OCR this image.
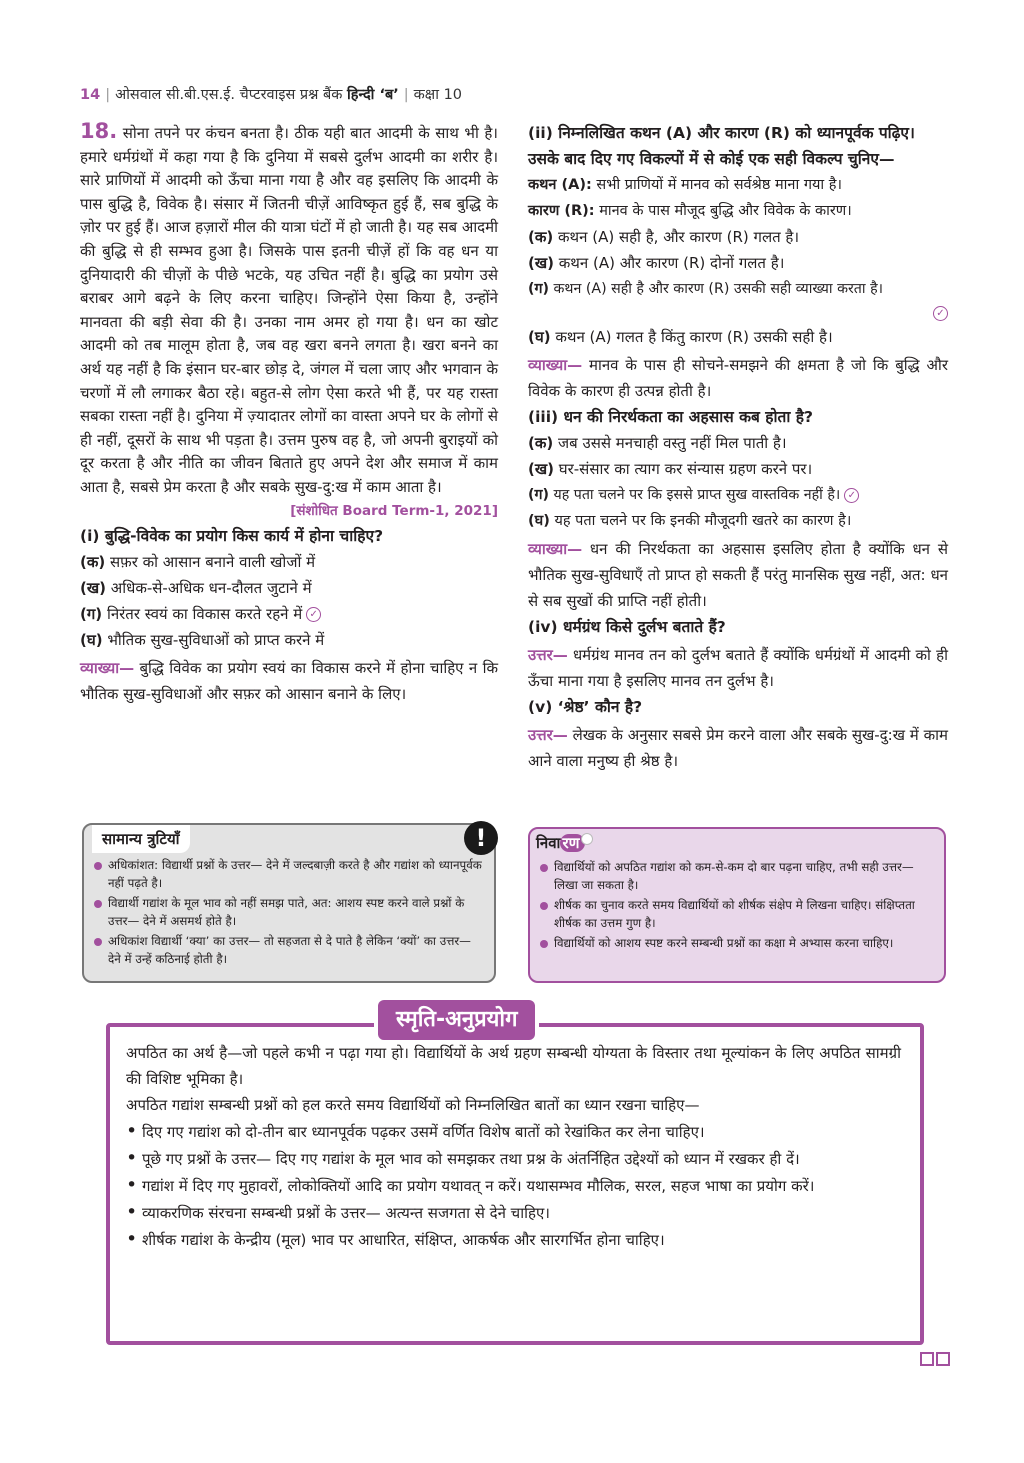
14 | ओसवाल सी.बी.एस.ई. चैप्टरवाइस प्रश्न बैंक हिन्दी ‘ब’ | कक्षा 10

18. सोना तपने पर कंचन बनता है। ठीक यही बात आदमी के साथ भी है। हमारे धर्मग्रंथों में कहा गया है कि दुनिया में सबसे दुर्लभ आदमी का शरीर है। सारे प्राणियों में आदमी को ऊँचा माना गया है और वह इसलिए कि आदमी के पास बुद्धि है, विवेक है। संसार में जितनी चीज़ें आविष्कृत हुई हैं, सब बुद्धि के ज़ोर पर हुई हैं। आज हज़ारों मील की यात्रा घंटों में हो जाती है। यह सब आदमी की बुद्धि से ही सम्भव हुआ है। जिसके पास इतनी चीज़ें हों कि वह धन या दुनियादारी की चीज़ों के पीछे भटके, यह उचित नहीं है। बुद्धि का प्रयोग उसे बराबर आगे बढ़ने के लिए करना चाहिए। जिन्होंने ऐसा किया है, उन्होंने मानवता की बड़ी सेवा की है। उनका नाम अमर हो गया है। धन का खोट आदमी को तब मालूम होता है, जब वह खरा बनने लगता है। खरा बनने का अर्थ यह नहीं है कि इंसान घर-बार छोड़ दे, जंगल में चला जाए और भगवान के चरणों में लौ लगाकर बैठा रहे। बहुत-से लोग ऐसा करते भी हैं, पर यह रास्ता सबका रास्ता नहीं है। दुनिया में ज़्यादातर लोगों का वास्ता अपने घर के लोगों से ही नहीं, दूसरों के साथ भी पड़ता है। उत्तम पुरुष वह है, जो अपनी बुराइयों को दूर करता है और नीति का जीवन बिताते हुए अपने देश और समाज में काम आता है, सबसे प्रेम करता है और सबके सुख-दु:ख में काम आता है।
[संशोधित Board Term-1, 2021]

(i) बुद्धि-विवेक का प्रयोग किस कार्य में होना चाहिए?

(क) सफ़र को आसान बनाने वाली खोजों में

(ख) अधिक-से-अधिक धन-दौलत जुटाने में

(ग) निरंतर स्वयं का विकास करते रहने में ✓

(घ) भौतिक सुख-सुविधाओं को प्राप्त करने में

व्याख्या— बुद्धि विवेक का प्रयोग स्वयं का विकास करने में होना चाहिए न कि भौतिक सुख-सुविधाओं और सफ़र को आसान बनाने के लिए।

(ii) निम्नलिखित कथन (A) और कारण (R) को ध्यानपूर्वक पढ़िए। उसके बाद दिए गए विकल्पों में से कोई एक सही विकल्प चुनिए—

कथन (A): सभी प्राणियों में मानव को सर्वश्रेष्ठ माना गया है।

कारण (R): मानव के पास मौजूद बुद्धि और विवेक के कारण।

(क) कथन (A) सही है, और कारण (R) गलत है।

(ख) कथन (A) और कारण (R) दोनों गलत है।

(ग) कथन (A) सही है और कारण (R) उसकी सही व्याख्या करता है।

✓

(घ) कथन (A) गलत है किंतु कारण (R) उसकी सही है।

व्याख्या— मानव के पास ही सोचने-समझने की क्षमता है जो कि बुद्धि और विवेक के कारण ही उत्पन्न होती है।

(iii) धन की निरर्थकता का अहसास कब होता है?

(क) जब उससे मनचाही वस्तु नहीं मिल पाती है।

(ख) घर-संसार का त्याग कर संन्यास ग्रहण करने पर।

(ग) यह पता चलने पर कि इससे प्राप्त सुख वास्तविक नहीं है। ✓

(घ) यह पता चलने पर कि इनकी मौजूदगी खतरे का कारण है।

व्याख्या— धन की निरर्थकता का अहसास इसलिए होता है क्योंकि धन से भौतिक सुख-सुविधाएँ तो प्राप्त हो सकती हैं परंतु मानसिक सुख नहीं, अत: धन से सब सुखों की प्राप्ति नहीं होती।

(iv) धर्मग्रंथ किसे दुर्लभ बताते हैं?

उत्तर— धर्मग्रंथ मानव तन को दुर्लभ बताते हैं क्योंकि धर्मग्रंथों में आदमी को ही ऊँचा माना गया है इसलिए मानव तन दुर्लभ है।

(v) ‘श्रेष्ठ’ कौन है?

उत्तर— लेखक के अनुसार सबसे प्रेम करने वाला और सबके सुख-दु:ख में काम आने वाला मनुष्य ही श्रेष्ठ है।

सामान्य त्रुटियाँ	!
अधिकांशत: विद्यार्थी प्रश्नों के उत्तर— देने में जल्दबाज़ी करते है और गद्यांश को ध्यानपूर्वक नहीं पढ़ते है।
विद्यार्थी गद्यांश के मूल भाव को नहीं समझ पाते, अत: आशय स्पष्ट करने वाले प्रश्नों के उत्तर— देने में असमर्थ होते है।
अधिकांश विद्यार्थी ‘क्या’ का उत्तर— तो सहजता से दे पाते है लेकिन ‘क्यों’ का उत्तर— देने में उन्हें कठिनाई होती है।
निवा रण
विद्यार्थियों को अपठित गद्यांश को कम-से-कम दो बार पढ़ना चाहिए, तभी सही उत्तर— लिखा जा सकता है।
शीर्षक का चुनाव करते समय विद्यार्थियों को शीर्षक संक्षेप मे लिखना चाहिए। संक्षिप्तता शीर्षक का उत्तम गुण है।
विद्यार्थियों को आशय स्पष्ट करने सम्बन्धी प्रश्नों का कक्षा मे अभ्यास करना चाहिए।
स्मृति-अनुप्रयोग

अपठित का अर्थ है—जो पहले कभी न पढ़ा गया हो। विद्यार्थियों के अर्थ ग्रहण सम्बन्धी योग्यता के विस्तार तथा मूल्यांकन के लिए अपठित सामग्री की विशिष्ट भूमिका है।

अपठित गद्यांश सम्बन्धी प्रश्नों को हल करते समय विद्यार्थियों को निम्नलिखित बातों का ध्यान रखना चाहिए—

• दिए गए गद्यांश को दो-तीन बार ध्यानपूर्वक पढ़कर उसमें वर्णित विशेष बातों को रेखांकित कर लेना चाहिए।

• पूछे गए प्रश्नों के उत्तर— दिए गए गद्यांश के मूल भाव को समझकर तथा प्रश्न के अंतर्निहित उद्देश्यों को ध्यान में रखकर ही दें।

• गद्यांश में दिए गए मुहावरों, लोकोक्तियों आदि का प्रयोग यथावत् न करें। यथासम्भव मौलिक, सरल, सहज भाषा का प्रयोग करें।

• व्याकरणिक संरचना सम्बन्धी प्रश्नों के उत्तर— अत्यन्त सजगता से देने चाहिए।

• शीर्षक गद्यांश के केन्द्रीय (मूल) भाव पर आधारित, संक्षिप्त, आकर्षक और सारगर्भित होना चाहिए।
